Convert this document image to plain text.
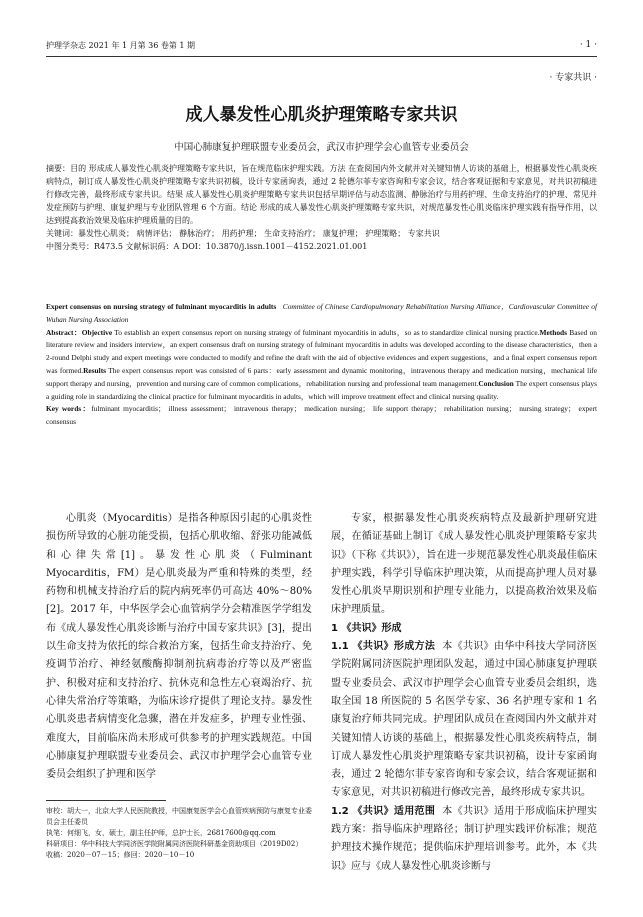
护理学杂志 2021 年 1 月第 36 卷第 1 期	· 1 ·
· 专家共识 ·
成人暴发性心肌炎护理策略专家共识
中国心肺康复护理联盟专业委员会，武汉市护理学会心血管专业委员会
摘要：目的 形成成人暴发性心肌炎护理策略专家共识，旨在规范临床护理实践。方法 在查阅国内外文献并对关键知情人访谈的基础上，根据暴发性心肌炎疾病特点，制订成人暴发性心肌炎护理策略专家共识初稿，设计专家函询表，通过 2 轮德尔菲专家咨询和专家会议，结合客观证据和专家意见，对共识初稿进行修改完善，最终形成专家共识。结果 成人暴发性心肌炎护理策略专家共识包括早期评估与动态监测、静脉治疗与用药护理、生命支持治疗的护理、常见并发症预防与护理、康复护理与专业团队管理 6 个方面。结论 形成的成人暴发性心肌炎护理策略专家共识，对规范暴发性心肌炎临床护理实践有指导作用，以达到提高救治效果及临床护理质量的目的。
关键词：暴发性心肌炎； 病情评估； 静脉治疗； 用药护理； 生命支持治疗； 康复护理； 护理策略； 专家共识
中图分类号：R473.5 文献标识码：A DOI：10.3870/j.issn.1001－4152.2021.01.001
Expert consensus on nursing strategy of fulminant myocarditis in adults Committee of Chinese Cardiopulmonary Rehabilitation Nursing Alliance，Cardiovascular Committee of Wuhan Nursing Association
Abstract：Objective To establish an expert consensus report on nursing strategy of fulminant myocarditis in adults，so as to standardize clinical nursing practice.Methods Based on literature review and insiders interview，an expert consensus draft on nursing strategy of fulminant myocarditis in adults was developed according to the disease characteristics，then a 2-round Delphi study and expert meetings were conducted to modify and refine the draft with the aid of objective evidences and expert suggestions，and a final expert consensus report was formed.Results The expert consensus report was consisted of 6 parts：early assessment and dynamic monitoring，intravenous therapy and medication nursing，mechanical life support therapy and nursing，prevention and nursing care of common complications，rehabilitation nursing and professional team management.Conclusion The expert consensus plays a guiding role in standardizing the clinical practice for fulminant myocarditis in adults，which will improve treatment effect and clinical nursing quality.
Key words：fulminant myocarditis； illness assessment； intravenous therapy； medication nursing； life support therapy； rehabilitation nursing； nursing strategy； expert consensus

心肌炎（Myocarditis）是指各种原因引起的心肌炎性损伤所导致的心脏功能受损，包括心肌收缩、舒张功能减低和心律失常[1]。暴发性心肌炎（Fulminant Myocarditis，FM）是心肌炎最为严重和特殊的类型，经药物和机械支持治疗后的院内病死率仍可高达 40%～80%[2]。2017 年，中华医学会心血管病学分会精准医学学组发布《成人暴发性心肌炎诊断与治疗中国专家共识》[3]，提出以生命支持为依托的综合救治方案，包括生命支持治疗、免疫调节治疗、神经氨酸酶抑制剂抗病毒治疗等以及严密监护、积极对症和支持治疗、抗休克和急性左心衰竭治疗、抗心律失常治疗等策略，为临床诊疗提供了理论支持。暴发性心肌炎患者病情变化急骤，潜在并发症多，护理专业性强、难度大，目前临床尚未形成可供参考的护理实践规范。中国心肺康复护理联盟专业委员会、武汉市护理学会心血管专业委员会组织了护理和医学

专家，根据暴发性心肌炎疾病特点及最新护理研究进展，在循证基础上制订《成人暴发性心肌炎护理策略专家共识》（下称《共识》），旨在进一步规范暴发性心肌炎最佳临床护理实践，科学引导临床护理决策，从而提高护理人员对暴发性心肌炎早期识别和护理专业能力，以提高救治效果及临床护理质量。

1 《共识》形成

1.1 《共识》形成方法 本《共识》由华中科技大学同济医学院附属同济医院护理团队发起，通过中国心肺康复护理联盟专业委员会、武汉市护理学会心血管专业委员会组织，选取全国 18 所医院的 5 名医学专家、36 名护理专家和 1 名康复治疗师共同完成。护理团队成员在查阅国内外文献并对关键知情人访谈的基础上，根据暴发性心肌炎疾病特点，制订成人暴发性心肌炎护理策略专家共识初稿，设计专家函询表，通过 2 轮德尔菲专家咨询和专家会议，结合客观证据和专家意见，对共识初稿进行修改完善，最终形成专家共识。

1.2 《共识》适用范围 本《共识》适用于形成临床护理实践方案：指导临床护理路径；制订护理实践评价标准；规范护理技术操作规范；提供临床护理培训参考。此外，本《共识》应与《成人暴发性心肌炎诊断与

审校：胡大一，北京大学人民医院教授，中国康复医学会心血管疾病预防与康复专业委员会主任委员
执笔：何细飞，女，硕士，副主任护师，总护士长，26817600@qq.com
科研项目：华中科技大学同济医学院附属同济医院科研基金资助项目（2019D02）
收稿：2020－07－15；修回：2020－10－10
